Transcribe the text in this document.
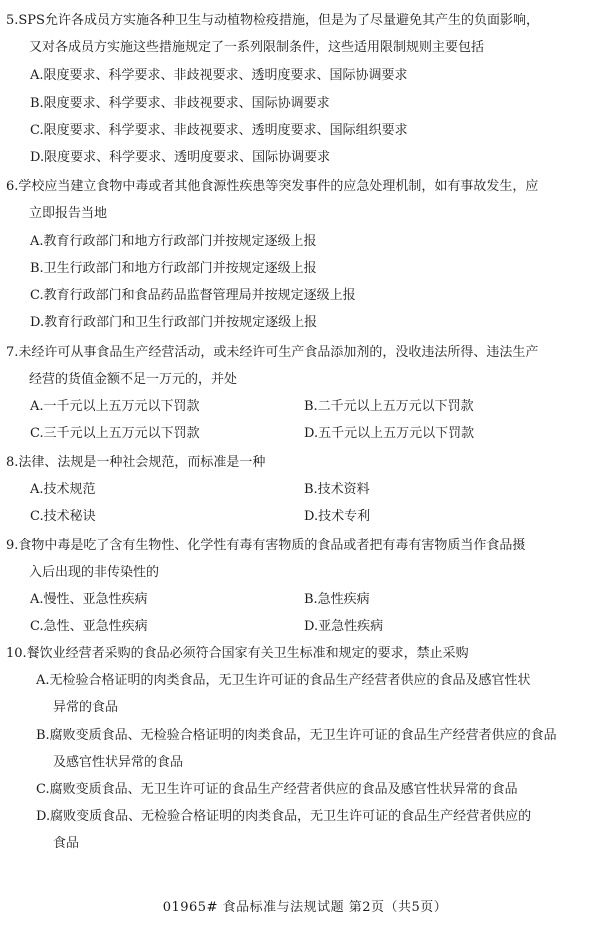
5.SPS允许各成员方实施各种卫生与动植物检疫措施，但是为了尽量避免其产生的负面影响，
又对各成员方实施这些措施规定了一系列限制条件，这些适用限制规则主要包括
A.限度要求、科学要求、非歧视要求、透明度要求、国际协调要求
B.限度要求、科学要求、非歧视要求、国际协调要求
C.限度要求、科学要求、非歧视要求、透明度要求、国际组织要求
D.限度要求、科学要求、透明度要求、国际协调要求
6.学校应当建立食物中毒或者其他食源性疾患等突发事件的应急处理机制，如有事故发生，应
立即报告当地
A.教育行政部门和地方行政部门并按规定逐级上报
B.卫生行政部门和地方行政部门并按规定逐级上报
C.教育行政部门和食品药品监督管理局并按规定逐级上报
D.教育行政部门和卫生行政部门并按规定逐级上报
7.未经许可从事食品生产经营活动，或未经许可生产食品添加剂的，没收违法所得、违法生产
经营的货值金额不足一万元的，并处
A.一千元以上五万元以下罚款	B.二千元以上五万元以下罚款
C.三千元以上五万元以下罚款	D.五千元以上五万元以下罚款
8.法律、法规是一种社会规范，而标准是一种
A.技术规范	B.技术资料
C.技术秘诀	D.技术专利
9.食物中毒是吃了含有生物性、化学性有毒有害物质的食品或者把有毒有害物质当作食品摄
入后出现的非传染性的
A.慢性、亚急性疾病	B.急性疾病
C.急性、亚急性疾病	D.亚急性疾病
10.餐饮业经营者采购的食品必须符合国家有关卫生标准和规定的要求，禁止采购
A.无检验合格证明的肉类食品，无卫生许可证的食品生产经营者供应的食品及感官性状
异常的食品
B.腐败变质食品、无检验合格证明的肉类食品，无卫生许可证的食品生产经营者供应的食品
及感官性状异常的食品
C.腐败变质食品、无卫生许可证的食品生产经营者供应的食品及感官性状异常的食品
D.腐败变质食品、无检验合格证明的肉类食品，无卫生许可证的食品生产经营者供应的
食品
01965# 食品标准与法规试题 第2页（共5页）
